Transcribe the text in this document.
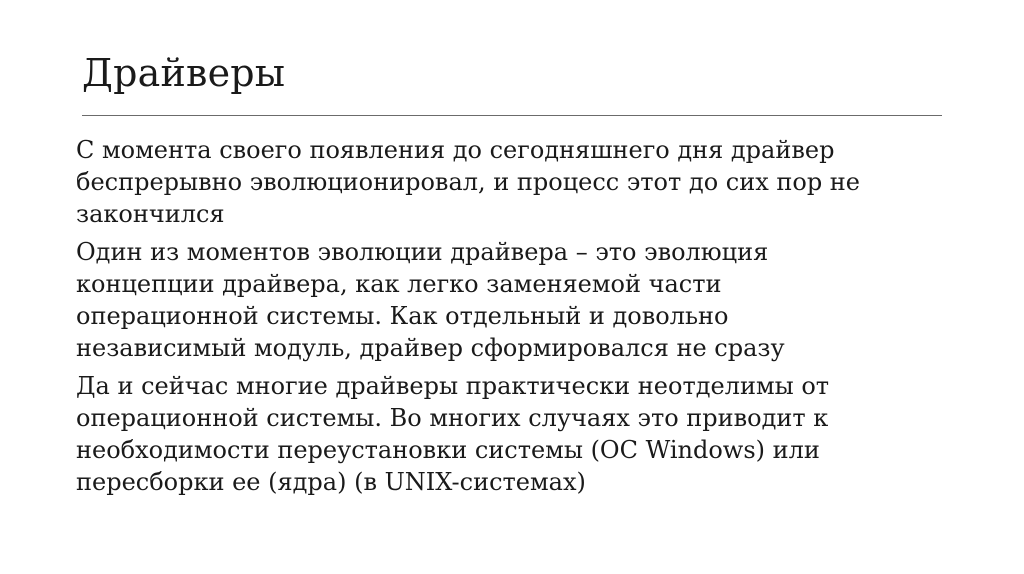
Драйверы

С момента своего появления до сегодняшнего дня драйвер
беспрерывно эволюционировал, и процесс этот до сих пор не
закончился

Один из моментов эволюции драйвера – это эволюция
концепции драйвера, как легко заменяемой части
операционной системы. Как отдельный и довольно
независимый модуль, драйвер сформировался не сразу

Да и сейчас многие драйверы практически неотделимы от
операционной системы. Во многих случаях это приводит к
необходимости переустановки системы (ОС Windows) или
пересборки ее (ядра) (в UNIX-системах)
